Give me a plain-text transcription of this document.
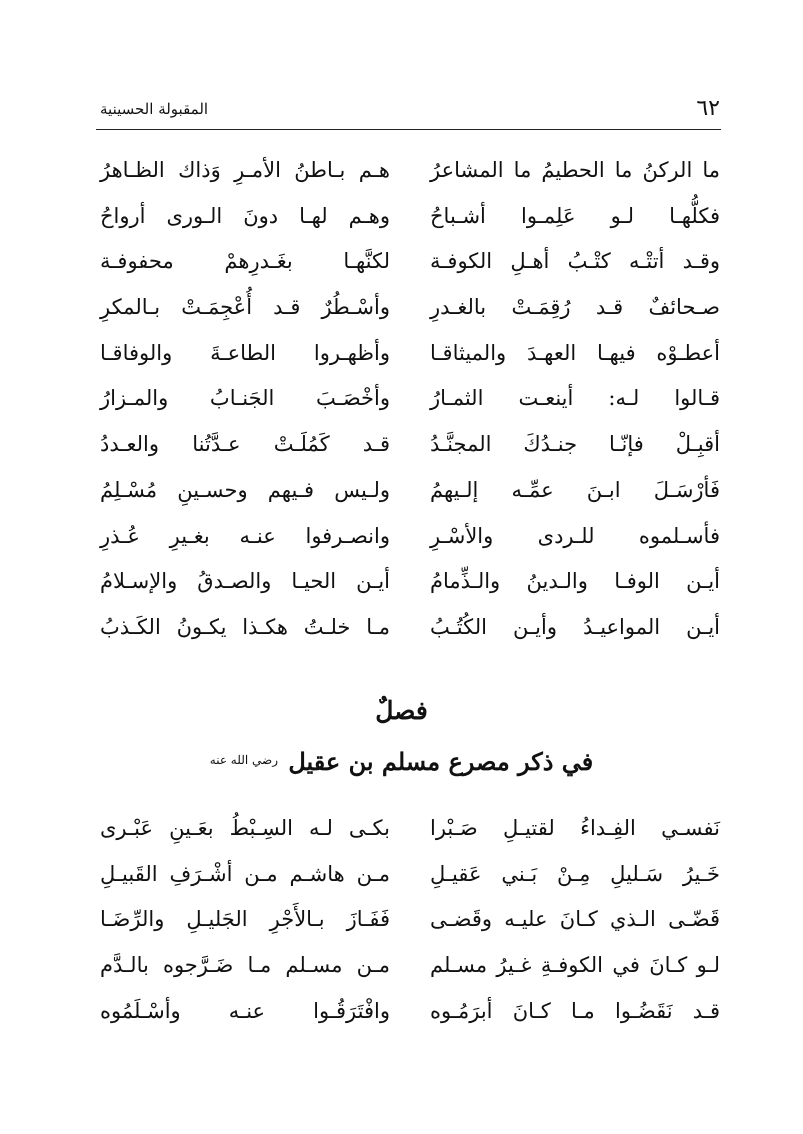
٦٢
المقبولة الحسينية
ما الركنُ ما الحطيمُ ما المشاعرُ
هـم بـاطنُ الأمـرِ وَذاك الظـاهرُ
فكلُّهـا لـو عَلِمـوا أشـباحُ
وهـم لهـا دونَ الـورى أرواحُ
وقـد أتتْـه كتْـبُ أهـلِ الكوفـة
لكنَّهـا بغَـدرِهمْ محفوفـة
صـحائفٌ قـد رُقِمَـتْ بالغـدرِ
وأسْـطُرٌ قـد أُعْجِمَـتْ بـالمكرِ
أعطـوْه فيهـا العهـدَ والميثاقـا
وأظهـروا الطاعـةَ والوفاقـا
قـالوا لـه: أينعـت الثمـارُ
وأخْصَـبَ الجَنـابُ والمـزارُ
أقبِـلْ فإنّـا جنـدُكَ المجنَّـدُ
قـد كَمُلَـتْ عـدَّتُنا والعـددُ
فَأرْسَـلَ ابـنَ عمِّـه إلـيهمُ
ولـيس فـيهم وحسـينِ مُسْـلِمُ
فأسـلموه للـردى والأسْـرِ
وانصـرفوا عنـه بغـيرِ عُـذرِ
أيـن الوفـا والـدينُ والـذِّمامُ
أيـن الحيـا والصـدقُ والإسـلامُ
أيـن المواعيـدُ وأيـن الكُتُـبُ
مـا خلـتُ هكـذا يكـونُ الكَـذبُ
فصلٌ
في ذكر مصرع مسلم بن عقيل $^{رضي الله عنه}$
نَفسـي الفِـداءُ لقتيـلِ صَـبْرا
بكـى لـه السِـبْطُ بعَـينِ عَبْـرى
خَـيرُ سَـليلِ مِـنْ بَـني عَقيـلِ
مـن هاشـم مـن أشْـرَفِ القَبيـلِ
قَضّـى الـذي كـانَ عليـه وقَضـى
فَفَـازَ بـالأَجْرِ الجَليـلِ والرِّضَـا
لـو كـانَ في الكوفـةِ غـيرُ مسـلم
مـن مسـلم مـا ضَـرَّجوه بالـدَّم
قـد نَقَضُـوا مـا كـانَ أبرَمُـوه
وافْتَرَقُـوا عنـه وأسْـلَمُوه
